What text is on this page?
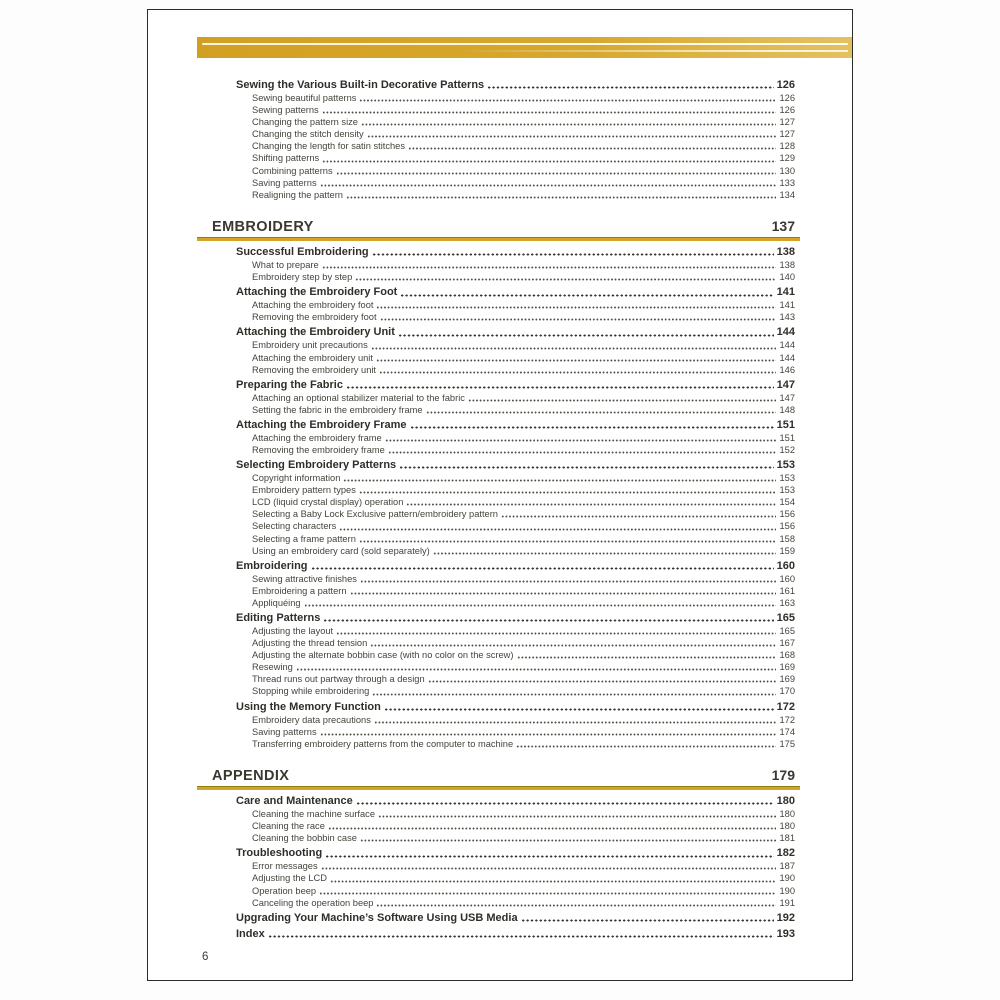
Sewing the Various Built-in Decorative Patterns	126
Sewing beautiful patterns	126
Sewing patterns	126
Changing the pattern size	127
Changing the stitch density	127
Changing the length for satin stitches	128
Shifting patterns	129
Combining patterns	130
Saving patterns	133
Realigning the pattern	134
EMBROIDERY	137
Successful Embroidering	138
What to prepare	138
Embroidery step by step	140
Attaching the Embroidery Foot	141
Attaching the embroidery foot	141
Removing the embroidery foot	143
Attaching the Embroidery Unit	144
Embroidery unit precautions	144
Attaching the embroidery unit	144
Removing the embroidery unit	146
Preparing the Fabric	147
Attaching an optional stabilizer material to the fabric	147
Setting the fabric in the embroidery frame	148
Attaching the Embroidery Frame	151
Attaching the embroidery frame	151
Removing the embroidery frame	152
Selecting Embroidery Patterns	153
Copyright information	153
Embroidery pattern types	153
LCD (liquid crystal display) operation	154
Selecting a Baby Lock Exclusive pattern/embroidery pattern	156
Selecting characters	156
Selecting a frame pattern	158
Using an embroidery card (sold separately)	159
Embroidering	160
Sewing attractive finishes	160
Embroidering a pattern	161
Appliquéing	163
Editing Patterns	165
Adjusting the layout	165
Adjusting the thread tension	167
Adjusting the alternate bobbin case (with no color on the screw)	168
Resewing	169
Thread runs out partway through a design	169
Stopping while embroidering	170
Using the Memory Function	172
Embroidery data precautions	172
Saving patterns	174
Transferring embroidery patterns from the computer to machine	175
APPENDIX	179
Care and Maintenance	180
Cleaning the machine surface	180
Cleaning the race	180
Cleaning the bobbin case	181
Troubleshooting	182
Error messages	187
Adjusting the LCD	190
Operation beep	190
Canceling the operation beep	191
Upgrading Your Machine’s Software Using USB Media	192
Index	193
6
